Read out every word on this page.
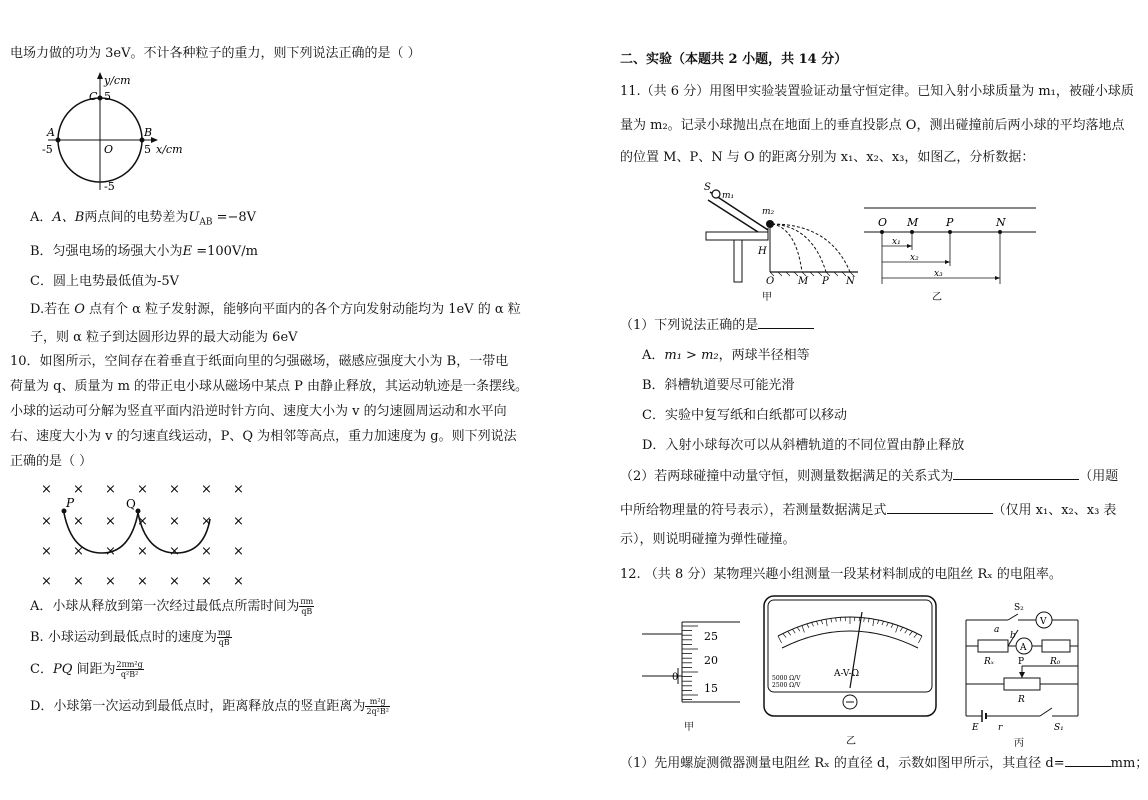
电场力做的功为 3eV。不计各种粒子的重力，则下列说法正确的是（ ）
y/cm
C 5
A
-5	O
B
5 x/cm
-5
A．A、B两点间的电势差为$U_{AB} =-8V$
B．匀强电场的场强大小为E =100V/m
C．圆上电势最低值为-5V
D.若在 O 点有个 α 粒子发射源，能够向平面内的各个方向发射动能均为 1eV 的 α 粒
子，则 α 粒子到达圆形边界的最大动能为 6eV
10．如图所示，空间存在着垂直于纸面向里的匀强磁场，磁感应强度大小为 B，一带电
荷量为 q、质量为 m 的带正电小球从磁场中某点 P 由静止释放，其运动轨迹是一条摆线。
小球的运动可分解为竖直平面内沿逆时针方向、速度大小为 v 的匀速圆周运动和水平向
右、速度大小为 v 的匀速直线运动，P、Q 为相邻等高点，重力加速度为 g。则下列说法
正确的是（ ）
× × × × × × ×
× × × × × × ×
× × × × × × ×
× × × × × × ×
P	Q
A．小球从释放到第一次经过最低点所需时间为 $\frac{\pi m}{qB}$
B. 小球运动到最低点时的速度为 $\frac{mg}{qB}$
C．PQ 间距为 $\frac{\text{2πm²g}}{\text{q²B²}}$
D．小球第一次运动到最低点时，距离释放点的竖直距离为 $\frac{\text{m²g}}{\text{2q²B²}}$
二、实验（本题共 2 小题，共 14 分）
11.（共 6 分）用图甲实验装置验证动量守恒定律。已知入射小球质量为 m₁，被碰小球质
量为 m₂。记录小球抛出点在地面上的垂直投影点 O，测出碰撞前后两小球的平均落地点
的位置 M、P、N 与 O 的距离分别为 x₁、x₂、x₃，如图乙，分析数据：
S
m₁
m₂
H
O M P N
甲
O M	P	N
x₁
x₂
x₃
乙
（1）下列说法正确的是
A．m₁ > m₂，两球半径相等
B．斜槽轨道要尽可能光滑
C．实验中复写纸和白纸都可以移动
D．入射小球每次可以从斜槽轨道的不同位置由静止释放
（2）若两球碰撞中动量守恒，则测量数据满足的关系式为	（用题
中所给物理量的符号表示），若测量数据满足式	（仅用 x₁、x₂、x₃ 表
示），则说明碰撞为弹性碰撞。
12. （共 8 分）某物理兴趣小组测量一段某材料制成的电阻丝 Rₓ 的电阻率。
25
20
15
0
甲
A-V-Ω
5000 Ω/V
2500 Ω/V
乙
S₂
V
a
b
A
Rₓ	R₀
P
R
E r	S₁
丙
（1）先用螺旋测微器测量电阻丝 Rₓ 的直径 d，示数如图甲所示，其直径 d=	mm；
